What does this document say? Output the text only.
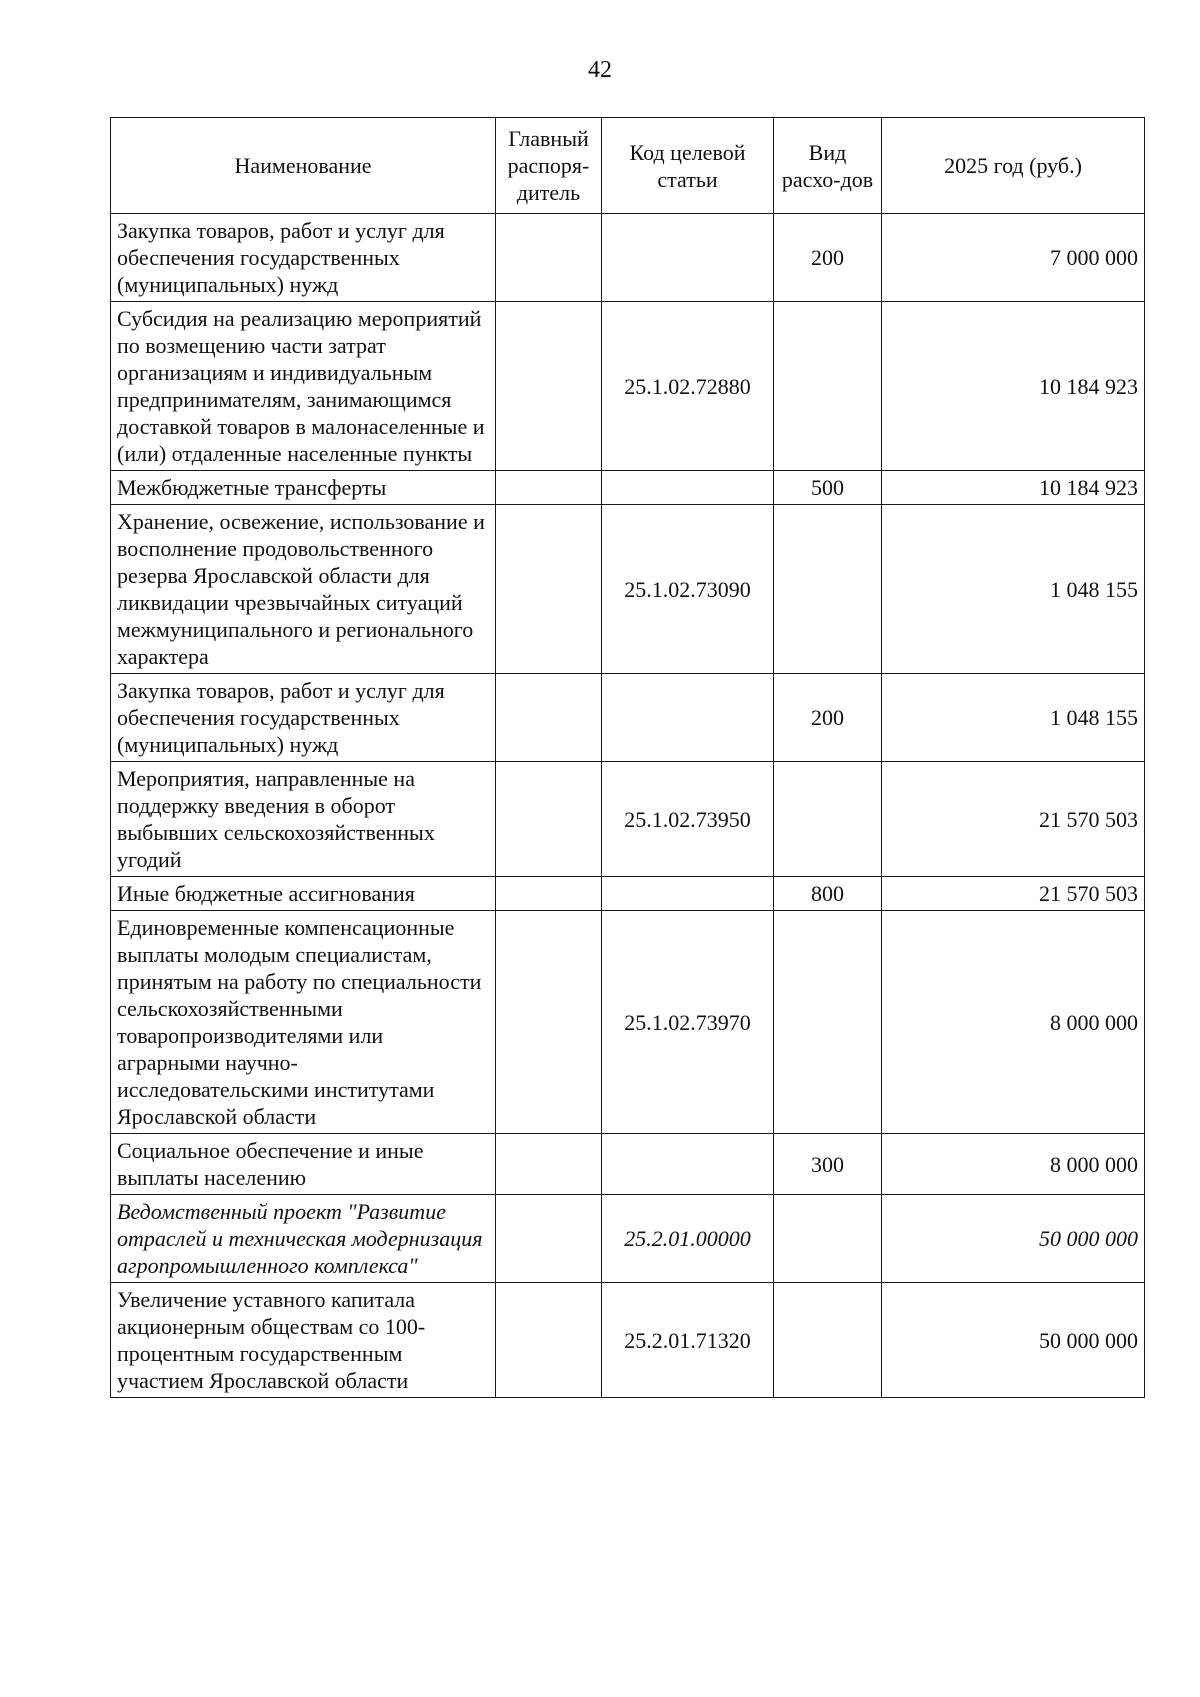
42
Наименование	Главный распоря-дитель	Код целевой статьи	Вид расхо-дов	2025 год (руб.)
Закупка товаров, работ и услуг для обеспечения государственных (муниципальных) нужд			200	7 000 000
Субсидия на реализацию мероприятий по возмещению части затрат организациям и индивидуальным предпринимателям, занимающимся доставкой товаров в малонаселенные и (или) отдаленные населенные пункты		25.1.02.72880		10 184 923
Межбюджетные трансферты			500	10 184 923
Хранение, освежение, использование и восполнение продовольственного резерва Ярославской области для ликвидации чрезвычайных ситуаций межмуниципального и регионального характера		25.1.02.73090		1 048 155
Закупка товаров, работ и услуг для обеспечения государственных (муниципальных) нужд			200	1 048 155
Мероприятия, направленные на поддержку введения в оборот выбывших сельскохозяйственных угодий		25.1.02.73950		21 570 503
Иные бюджетные ассигнования			800	21 570 503
Единовременные компенсационные выплаты молодым специалистам, принятым на работу по специальности сельскохозяйственными товаропроизводителями или аграрными научно-исследовательскими институтами Ярославской области		25.1.02.73970		8 000 000
Социальное обеспечение и иные выплаты населению			300	8 000 000
Ведомственный проект "Развитие отраслей и техническая модернизация агропромышленного комплекса"		25.2.01.00000		50 000 000
Увеличение уставного капитала акционерным обществам со 100-процентным государственным участием Ярославской области		25.2.01.71320		50 000 000
